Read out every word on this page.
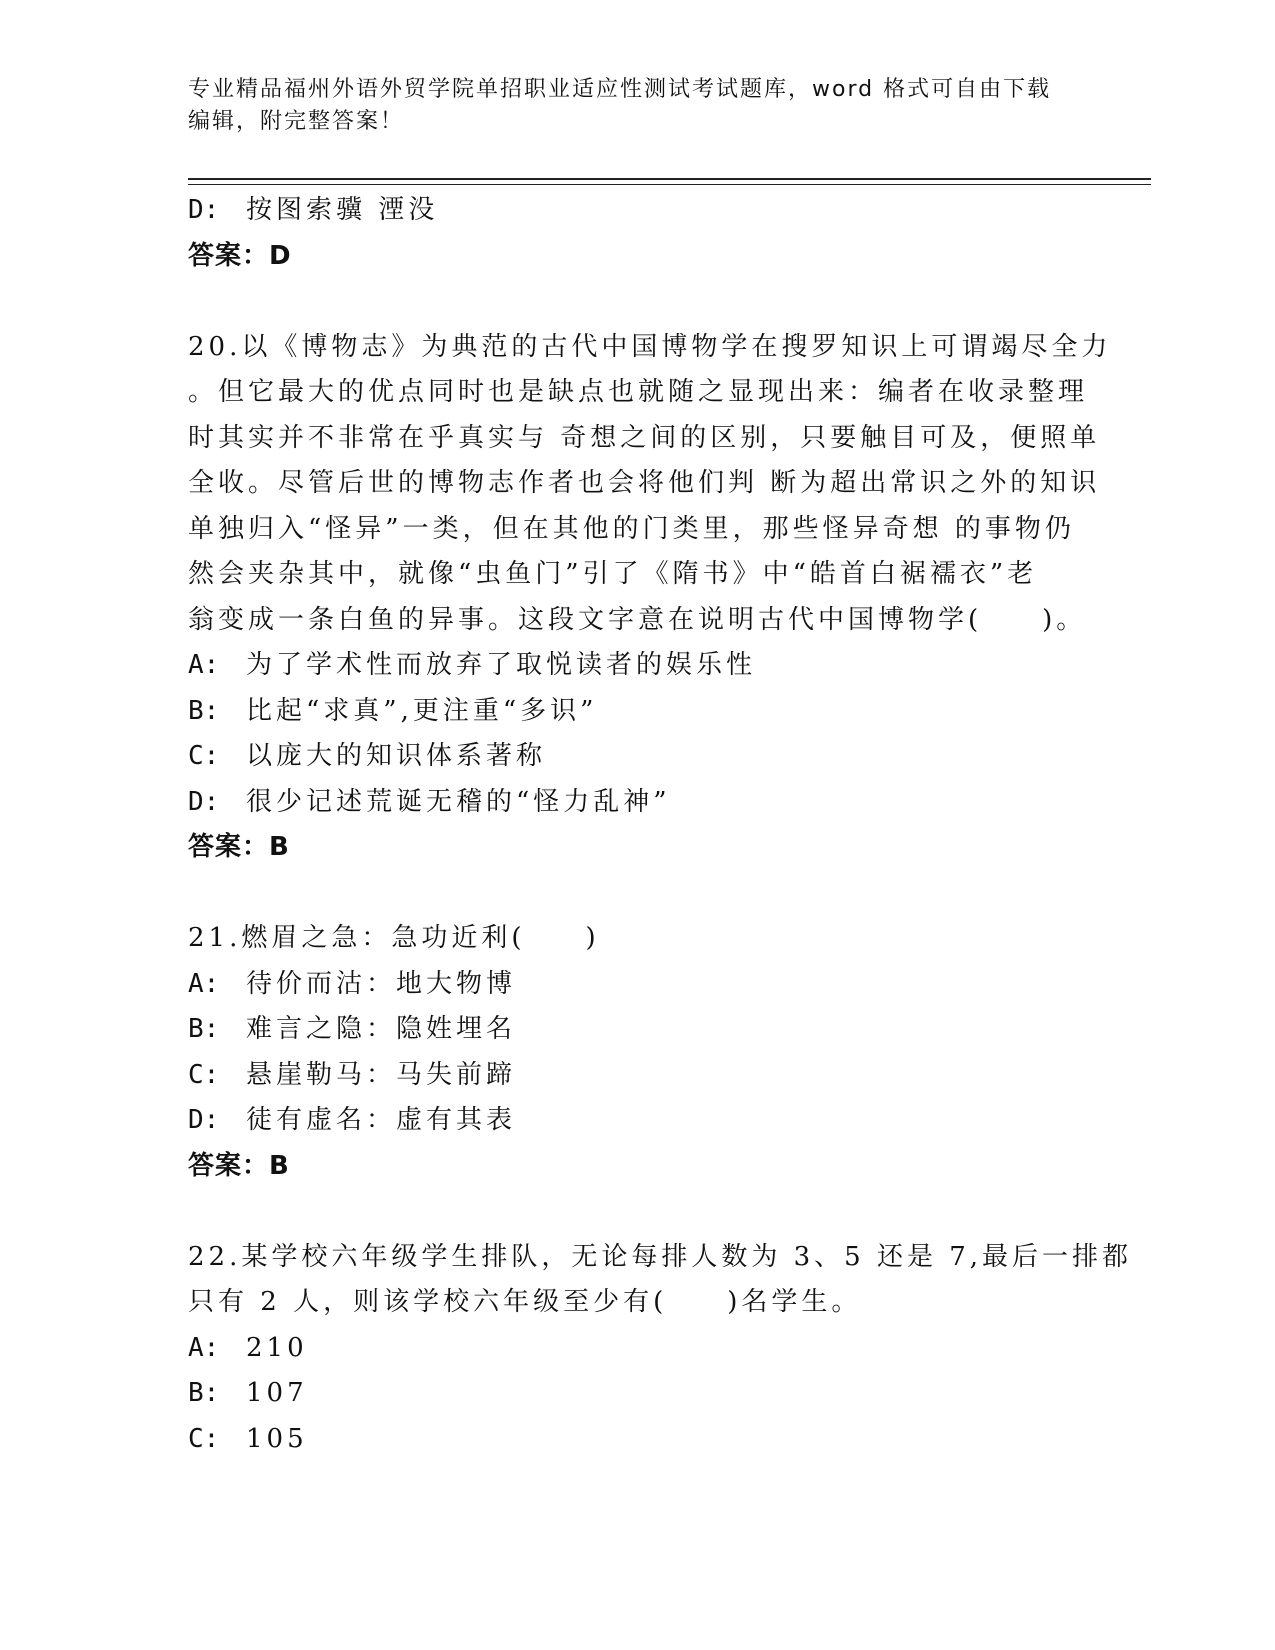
专业精品福州外语外贸学院单招职业适应性测试考试题库，word 格式可自由下载
编辑，附完整答案！
D:	按图索骥 湮没
答案：D
20.以《博物志》为典范的古代中国博物学在搜罗知识上可谓竭尽全力
。但它最大的优点同时也是缺点也就随之显现出来：编者在收录整理
时其实并不非常在乎真实与 奇想之间的区别，只要触目可及，便照单
全收。尽管后世的博物志作者也会将他们判 断为超出常识之外的知识
单独归入“怪异”一类，但在其他的门类里，那些怪异奇想 的事物仍
然会夹杂其中，就像“虫鱼门”引了《隋书》中“皓首白裾襦衣”老
翁变成一条白鱼的异事。这段文字意在说明古代中国博物学(　　)。
A:	为了学术性而放弃了取悦读者的娱乐性
B:	比起“求真”,更注重“多识”
C:	以庞大的知识体系著称
D:	很少记述荒诞无稽的“怪力乱神”
答案：B
21.燃眉之急：急功近利(　　)
A:	待价而沽：地大物博
B:	难言之隐：隐姓埋名
C:	悬崖勒马：马失前蹄
D:	徒有虚名：虚有其表
答案：B
22.某学校六年级学生排队，无论每排人数为 3、5 还是 7,最后一排都
只有 2 人，则该学校六年级至少有(　　)名学生。
A:	210
B:	107
C:	105
